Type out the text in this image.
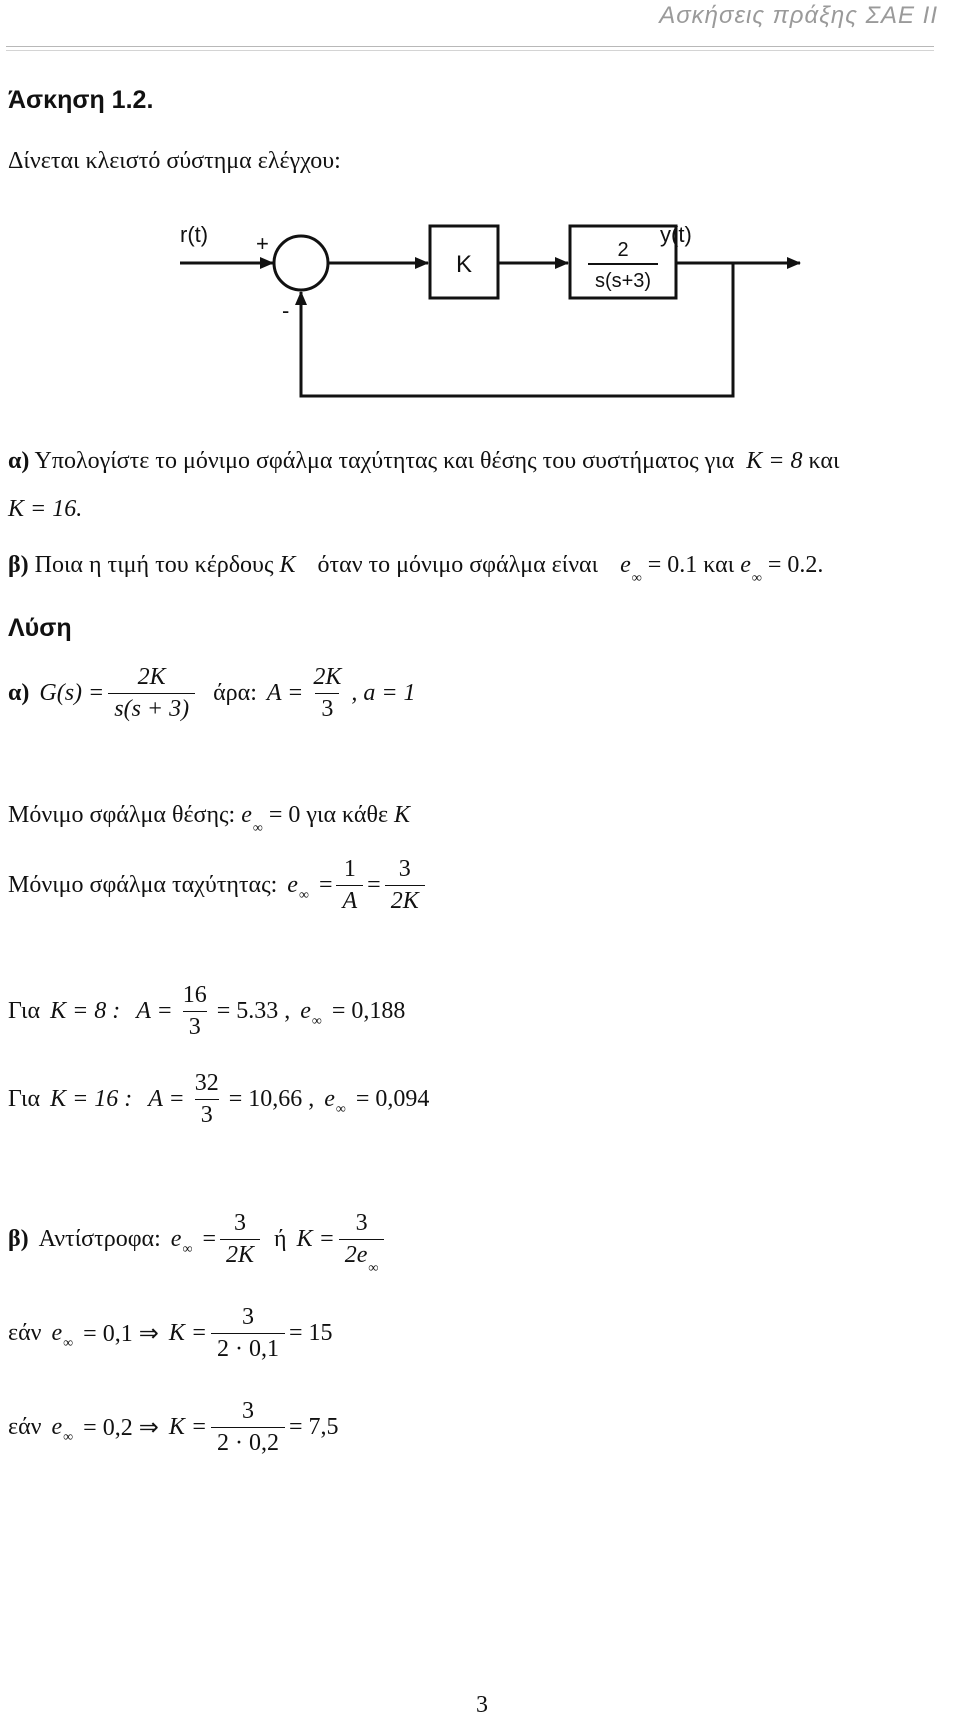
Ασκήσεις πράξης ΣΑΕ ΙΙ
Άσκηση 1.2.
Δίνεται κλειστό σύστημα ελέγχου:
r(t)	y(t)
+
-
K
2
s(s+3)
α) Υπολογίστε το μόνιμο σφάλμα ταχύτητας και θέσης του συστήματος για K = 8 και
K = 16.
β) Ποια η τιμή του κέρδους K όταν το μόνιμο σφάλμα είναι $e_\infty = 0.1$ και $e_\infty = 0.2$.
Λύση
α) $G(s) = \frac{2K}{s(s + 3)} ά\rho\alpha$: $A = \frac{2K}{3}$ , a = 1
Μόνιμο σφάλμα θέσης: $e_\infty = 0$ για κάθε K
Μόνιμο σφάλμα ταχύτητας: e ∞ = $\frac{1}{A} = \frac{3}{2K}$
Για K = 8 : $A = \frac{16}{3} = 5.33$ , e ∞ = 0,188
Για K = 16 : $A = \frac{32}{3} = 10,66$ , e ∞ = 0,094
β) Αντίστροφα: e ∞ = $\frac{3}{2K}$ ή $K = \frac{3}{2e_\infty}$
εάν e ∞ = 0,1 ⇒ $K = \frac{3}{2 \cdot 0,1} = 15$
εάν e ∞ = 0,2 ⇒ $K = \frac{3}{2 \cdot 0,2} = 7,5$
3
